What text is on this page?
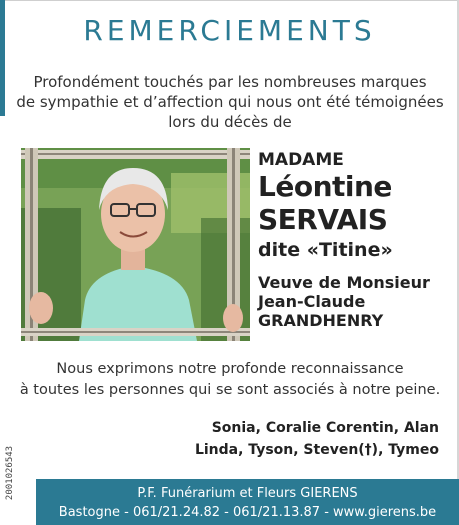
REMERCIEMENTS
Profondément touchés par les nombreuses marques
de sympathie et d’affection qui nous ont été témoignées
lors du décès de
MADAME
Léontine
SERVAIS
dite «Titine»
Veuve de Monsieur
Jean-Claude
GRANDHENRY
Nous exprimons notre profonde reconnaissance
à toutes les personnes qui se sont associés à notre peine.
Sonia, Coralie Corentin, Alan
Linda, Tyson, Steven(†), Tymeo
2001026543	P.F. Funérarium et Fleurs GIERENS
Bastogne - 061/21.24.82 - 061/21.13.87 - www.gierens.be
